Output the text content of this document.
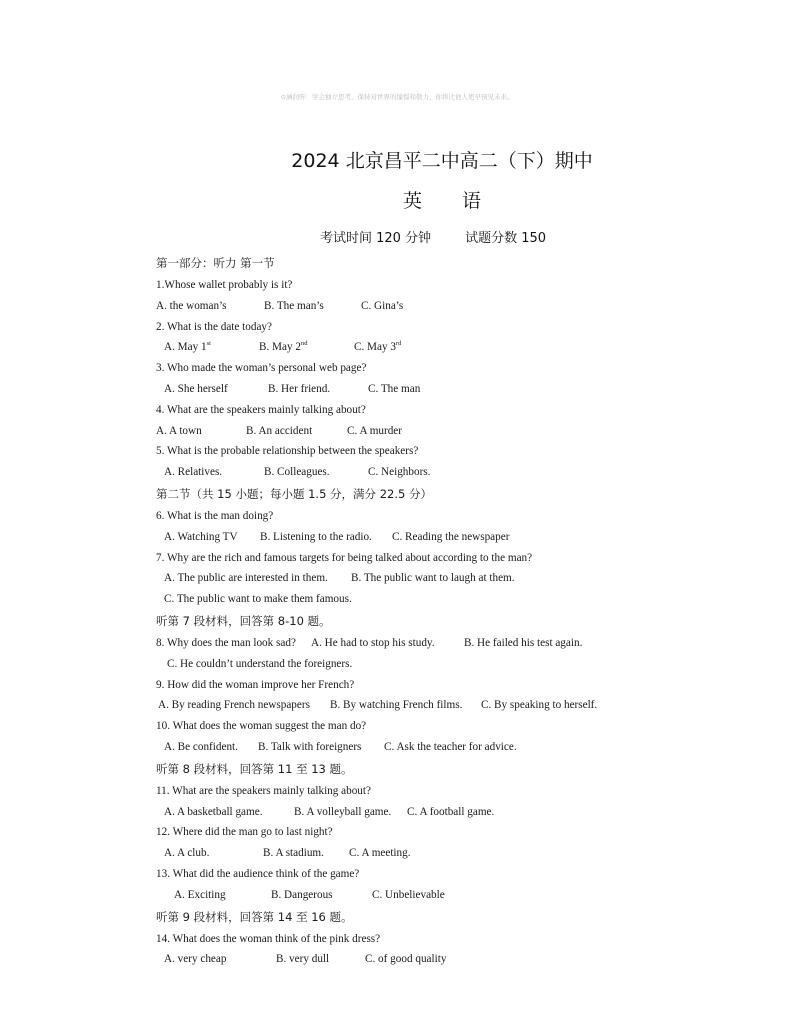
⊙涵润听：学会独立思考，保持对世界的憧憬和敬力，你将比他人更早预见未来。
2024 北京昌平二中高二（下）期中
英 语
考试时间 120 分钟	试题分数 150
第一部分：听力 第一节
1.Whose wallet probably is it?
A. the woman’s	B. The man’s	C. Gina’s
2. What is the date today?
A. May 1st	B. May 2nd	C. May 3rd
3. Who made the woman’s personal web page?
A. She herself	B. Her friend.	C. The man
4. What are the speakers mainly talking about?
A. A town	B. An accident	C. A murder
5. What is the probable relationship between the speakers?
A. Relatives.	B. Colleagues.	C. Neighbors.
第二节（共 15 小题；每小题 1.5 分，满分 22.5 分）
6. What is the man doing?
A. Watching TV B. Listening to the radio. C. Reading the newspaper
7. Why are the rich and famous targets for being talked about according to the man?
A. The public are interested in them. B. The public want to laugh at them.
C. The public want to make them famous.
听第 7 段材料，回答第 8-10 题。
8. Why does the man look sad? A. He had to stop his study.	B. He failed his test again.
C. He couldn’t understand the foreigners.
9. How did the woman improve her French?
A. By reading French newspapers B. By watching French films. C. By speaking to herself.
10. What does the woman suggest the man do?
A. Be confident. B. Talk with foreigners C. Ask the teacher for advice.
听第 8 段材料，回答第 11 至 13 题。
11. What are the speakers mainly talking about?
A. A basketball game.	B. A volleyball game. C. A football game.
12. Where did the man go to last night?
A. A club.	B. A stadium. C. A meeting.
13. What did the audience think of the game?
A. Exciting	B. Dangerous	C. Unbelievable
听第 9 段材料，回答第 14 至 16 题。
14. What does the woman think of the pink dress?
A. very cheap	B. very dull	C. of good quality
